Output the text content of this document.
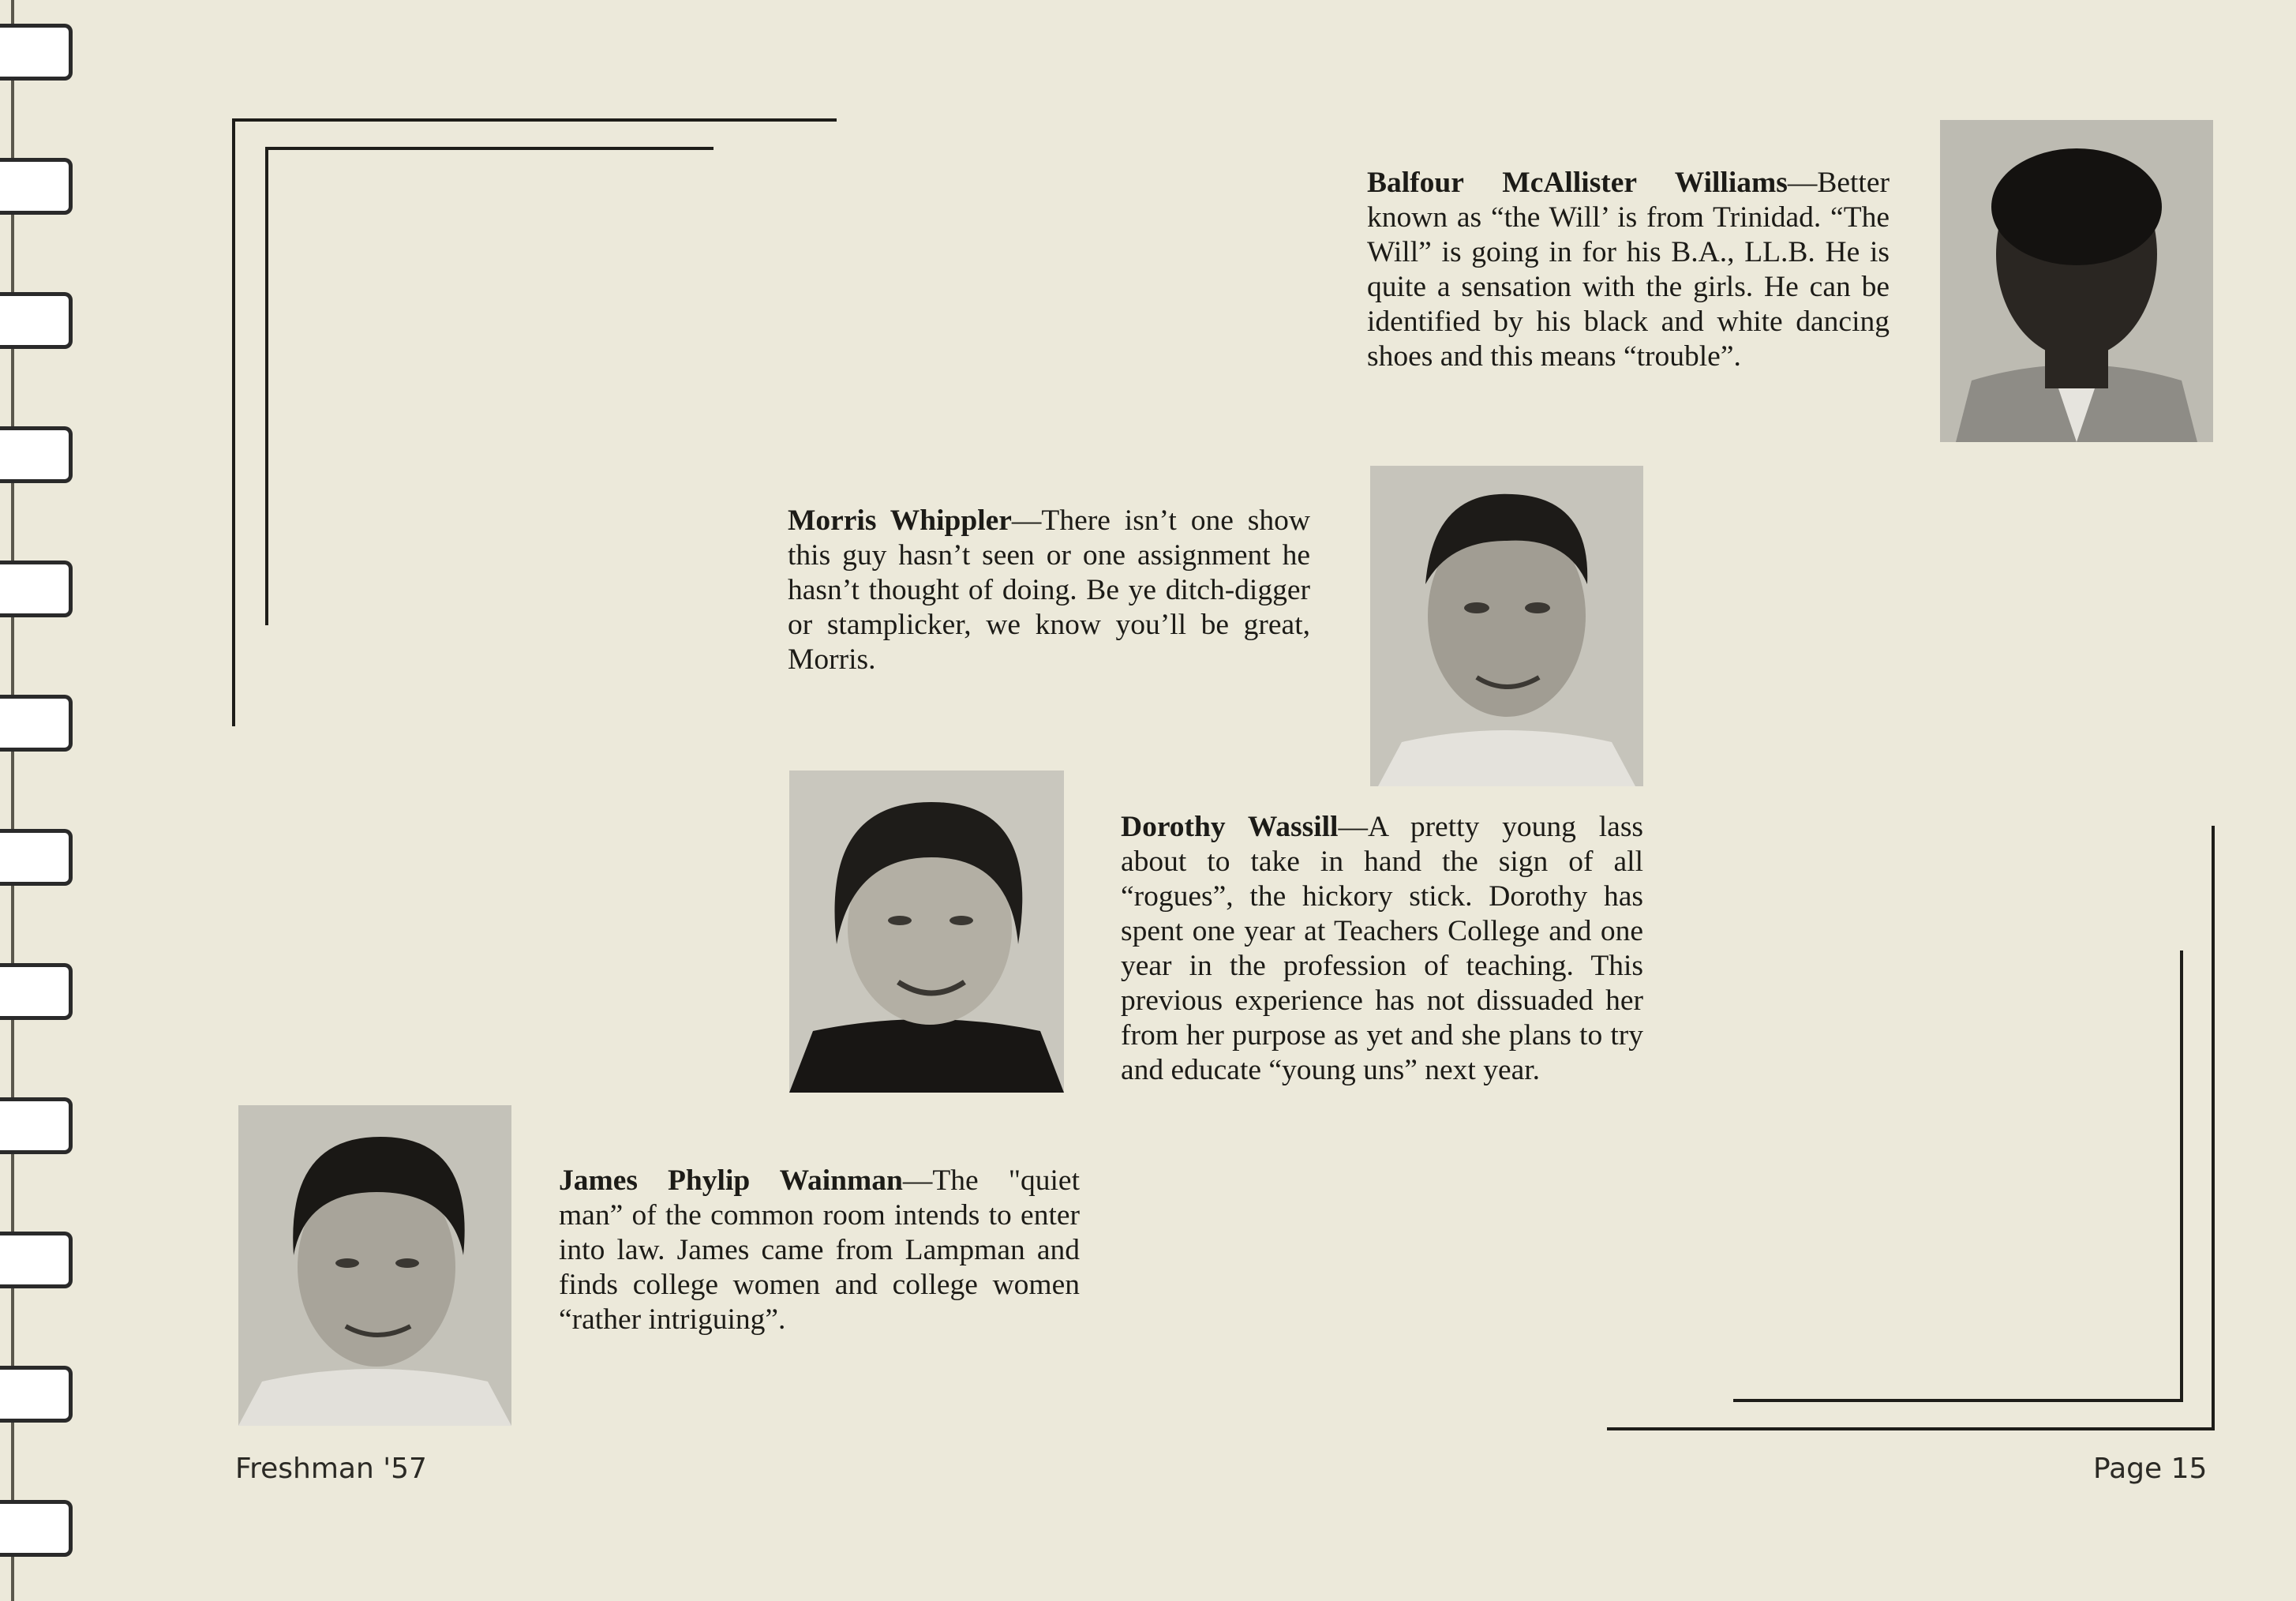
Balfour McAllister Williams—Better known as “the Will’ is from Trinidad. “The Will” is going in for his B.A., LL.B. He is quite a sensation with the girls. He can be identified by his black and white dancing shoes and this means “trouble”.
Morris Whippler—There isn’t one show this guy hasn’t seen or one assignment he hasn’t thought of doing. Be ye ditch-digger or stamplicker, we know you’ll be great, Morris.
Dorothy Wassill—A pretty young lass about to take in hand the sign of all “rogues”, the hickory stick. Dorothy has spent one year at Teachers College and one year in the profession of teaching. This previous experience has not dissuaded her from her purpose as yet and she plans to try and educate “young uns” next year.
James Phylip Wainman—The "quiet man” of the common room intends to enter into law. James came from Lampman and finds college women and college women “rather intriguing”.
Freshman '57	Page 15
